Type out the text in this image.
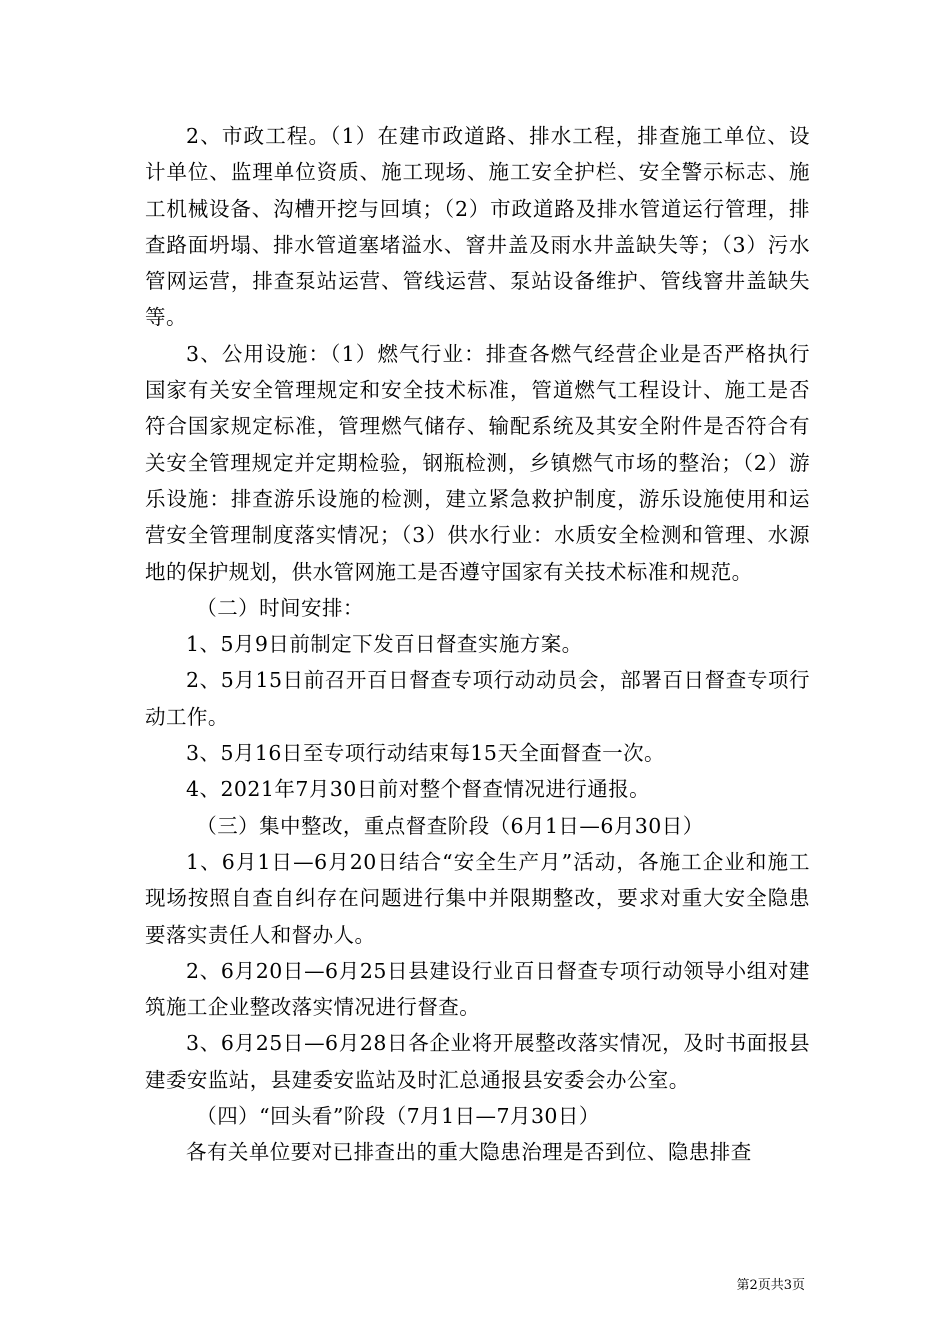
2、市政工程。（1）在建市政道路、排水工程，排查施工单位、设计单位、监理单位资质、施工现场、施工安全护栏、安全警示标志、施工机械设备、沟槽开挖与回填；（2）市政道路及排水管道运行管理，排查路面坍塌、排水管道塞堵溢水、窨井盖及雨水井盖缺失等；（3）污水管网运营，排查泵站运营、管线运营、泵站设备维护、管线窨井盖缺失等。

3、公用设施：（1）燃气行业：排查各燃气经营企业是否严格执行国家有关安全管理规定和安全技术标准，管道燃气工程设计、施工是否符合国家规定标准，管理燃气储存、输配系统及其安全附件是否符合有关安全管理规定并定期检验，钢瓶检测，乡镇燃气市场的整治；（2）游乐设施：排查游乐设施的检测，建立紧急救护制度，游乐设施使用和运营安全管理制度落实情况；（3）供水行业：水质安全检测和管理、水源地的保护规划，供水管网施工是否遵守国家有关技术标准和规范。

（二）时间安排：

1、5月9日前制定下发百日督查实施方案。

2、5月15日前召开百日督查专项行动动员会，部署百日督查专项行动工作。

3、5月16日至专项行动结束每15天全面督查一次。

4、2021年7月30日前对整个督查情况进行通报。

（三）集中整改，重点督查阶段（6月1日—6月30日）

1、6月1日—6月20日结合“安全生产月”活动，各施工企业和施工现场按照自查自纠存在问题进行集中并限期整改，要求对重大安全隐患要落实责任人和督办人。

2、6月20日—6月25日县建设行业百日督查专项行动领导小组对建筑施工企业整改落实情况进行督查。

3、6月25日—6月28日各企业将开展整改落实情况，及时书面报县建委安监站，县建委安监站及时汇总通报县安委会办公室。

（四）“回头看”阶段（7月1日—7月30日）

各有关单位要对已排查出的重大隐患治理是否到位、隐患排查

第2页共3页
